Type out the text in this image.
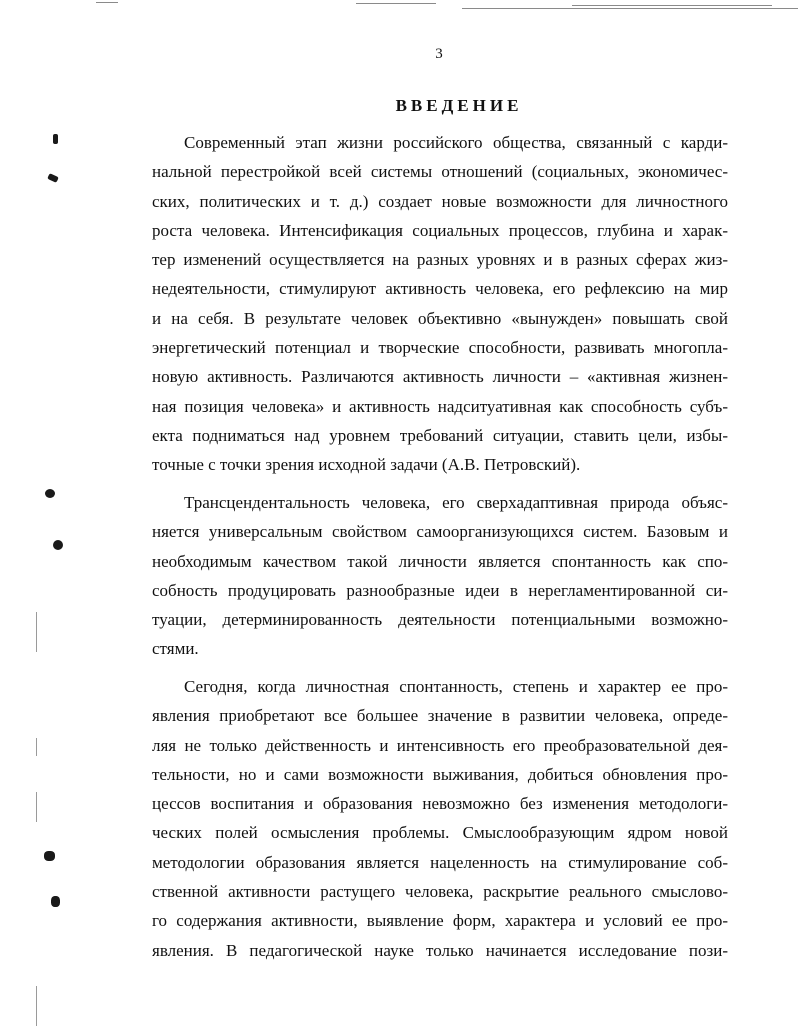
3
ВВЕДЕНИЕ
Современный этап жизни российского общества, связанный с карди-
нальной перестройкой всей системы отношений (социальных, экономичес-
ских, политических и т. д.) создает новые возможности для личностного
роста человека. Интенсификация социальных процессов, глубина и харак-
тер изменений осуществляется на разных уровнях и в разных сферах жиз-
недеятельности, стимулируют активность человека, его рефлексию на мир
и на себя. В результате человек объективно «вынужден» повышать свой
энергетический потенциал и творческие способности, развивать многопла-
новую активность. Различаются активность личности – «активная жизнен-
ная позиция человека» и активность надситуативная как способность субъ-
екта подниматься над уровнем требований ситуации, ставить цели, избы-
точные с точки зрения исходной задачи (А.В. Петровский).
Трансцендентальность человека, его сверхадаптивная природа объяс-
няется универсальным свойством самоорганизующихся систем. Базовым и
необходимым качеством такой личности является спонтанность как спо-
собность продуцировать разнообразные идеи в нерегламентированной си-
туации, детерминированность деятельности потенциальными возможно-
стями.
Сегодня, когда личностная спонтанность, степень и характер ее про-
явления приобретают все большее значение в развитии человека, опреде-
ляя не только действенность и интенсивность его преобразовательной дея-
тельности, но и сами возможности выживания, добиться обновления про-
цессов воспитания и образования невозможно без изменения методологи-
ческих полей осмысления проблемы. Смыслообразующим ядром новой
методологии образования является нацеленность на стимулирование соб-
ственной активности растущего человека, раскрытие реального смыслово-
го содержания активности, выявление форм, характера и условий ее про-
явления. В педагогической науке только начинается исследование пози-
